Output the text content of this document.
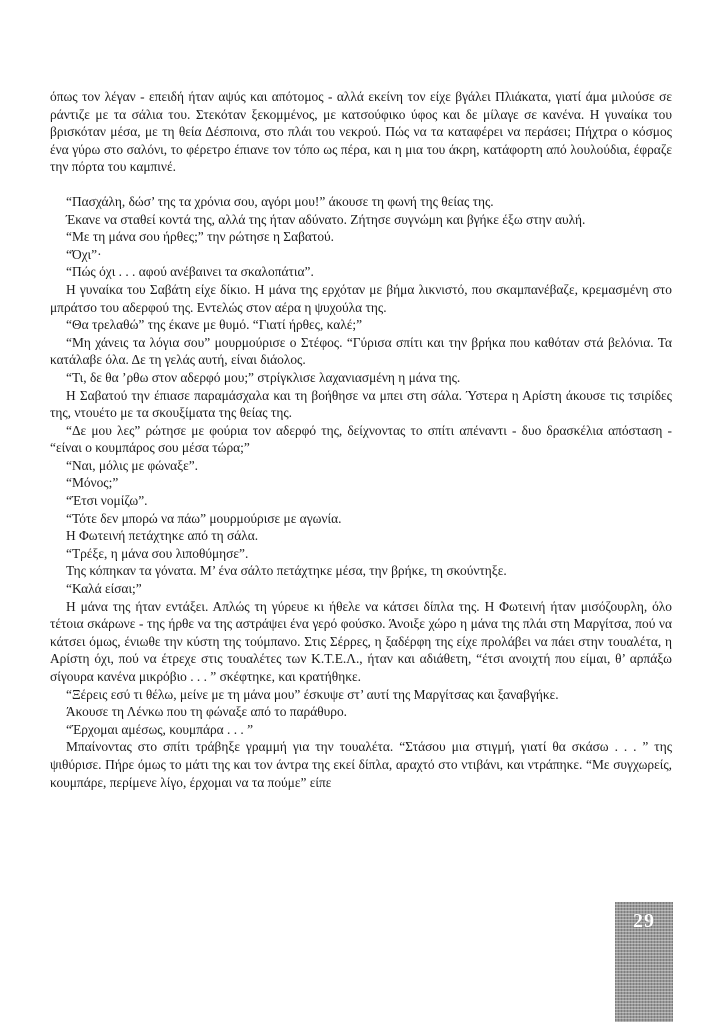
όπως τον λέγαν - επειδή ήταν αψύς και απότομος - αλλά εκείνη τον είχε βγάλει Πλιάκατα, γιατί άμα μιλούσε σε ράντιζε με τα σάλια του. Στεκόταν ξεκομμένος, με κατσούφικο ύφος και δε μίλαγε σε κανένα. Η γυναίκα του βρισκόταν μέσα, με τη θεία Δέσποινα, στο πλάι του νεκρού. Πώς να τα καταφέρει να περάσει; Πήχτρα ο κόσμος ένα γύρω στο σαλόνι, το φέρετρο έπιανε τον τόπο ως πέρα, και η μια του άκρη, κατάφορτη από λουλούδια, έφραζε την πόρτα του καμπινέ.

“Πασχάλη, δώσ’ της τα χρόνια σου, αγόρι μου!” άκουσε τη φωνή της θείας της.

Έκανε να σταθεί κοντά της, αλλά της ήταν αδύνατο. Ζήτησε συγνώμη και βγήκε έξω στην αυλή.

“Με τη μάνα σου ήρθες;” την ρώτησε η Σαβατού.

“Όχι”·

“Πώς όχι . . . αφού ανέβαινει τα σκαλοπάτια”.

Η γυναίκα του Σαβάτη είχε δίκιο. Η μάνα της ερχόταν με βήμα λικνιστό, που σκαμπανέβαζε, κρεμασμένη στο μπράτσο του αδερφού της. Εντελώς στον αέρα η ψυχούλα της.

“Θα τρελαθώ” της έκανε με θυμό. “Γιατί ήρθες, καλέ;”

“Μη χάνεις τα λόγια σου” μουρμούρισε ο Στέφος. “Γύρισα σπίτι και την βρήκα που καθόταν στά βελόνια. Τα κατάλαβε όλα. Δε τη γελάς αυτή, είναι διάολος.

“Τι, δε θα ’ρθω στον αδερφό μου;” στρίγκλισε λαχανιασμένη η μάνα της.

Η Σαβατού την έπιασε παραμάσχαλα και τη βοήθησε να μπει στη σάλα. Ύστερα η Αρίστη άκουσε τις τσιρίδες της, ντουέτο με τα σκουξίματα της θείας της.

“Δε μου λες” ρώτησε με φούρια τον αδερφό της, δείχνοντας το σπίτι απέναντι - δυο δρασκέλια απόσταση - “είναι ο κουμπάρος σου μέσα τώρα;”

“Ναι, μόλις με φώναξε”.

“Μόνος;”

“Έτσι νομίζω”.

“Τότε δεν μπορώ να πάω” μουρμούρισε με αγωνία.

Η Φωτεινή πετάχτηκε από τη σάλα.

“Τρέξε, η μάνα σου λιποθύμησε”.

Της κόπηκαν τα γόνατα. Μ’ ένα σάλτο πετάχτηκε μέσα, την βρήκε, τη σκούντηξε.

“Καλά είσαι;”

Η μάνα της ήταν εντάξει. Απλώς τη γύρευε κι ήθελε να κάτσει δίπλα της. Η Φωτεινή ήταν μισόζουρλη, όλο τέτοια σκάρωνε - της ήρθε να της αστράψει ένα γερό φούσκο. Άνοιξε χώρο η μάνα της πλάι στη Μαργίτσα, πού να κάτσει όμως, ένιωθε την κύστη της τούμπανο. Στις Σέρρες, η ξαδέρφη της είχε προλάβει να πάει στην τουαλέτα, η Αρίστη όχι, πού να έτρεχε στις τουαλέτες των Κ.Τ.Ε.Λ., ήταν και αδιάθετη, “έτσι ανοιχτή που είμαι, θ’ αρπάξω σίγουρα κανένα μικρόβιο . . . ” σκέφτηκε, και κρατήθηκε.

“Ξέρεις εσύ τι θέλω, μείνε με τη μάνα μου” έσκυψε στ’ αυτί της Μαργίτσας και ξαναβγήκε.

Άκουσε τη Λένκω που τη φώναξε από το παράθυρο.

“Έρχομαι αμέσως, κουμπάρα . . . ”

Μπαίνοντας στο σπίτι τράβηξε γραμμή για την τουαλέτα. “Στάσου μια στιγμή, γιατί θα σκάσω . . . ” της ψιθύρισε. Πήρε όμως το μάτι της και τον άντρα της εκεί δίπλα, αραχτό στο ντιβάνι, και ντράπηκε. “Με συγχωρείς, κουμπάρε, περίμενε λίγο, έρχομαι να τα πούμε” είπε

29
